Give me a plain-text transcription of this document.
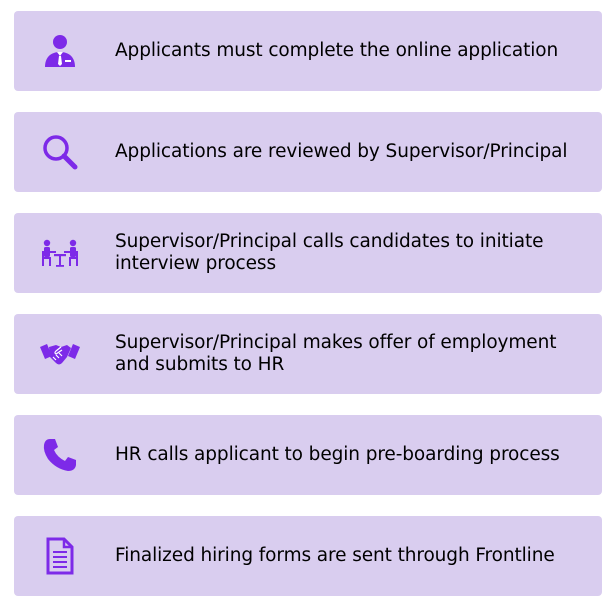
Applicants must complete the online application
Applications are reviewed by Supervisor/Principal
Supervisor/Principal calls candidates to initiate interview process
Supervisor/Principal makes offer of employment and submits to HR
HR calls applicant to begin pre-boarding process
Finalized hiring forms are sent through Frontline
